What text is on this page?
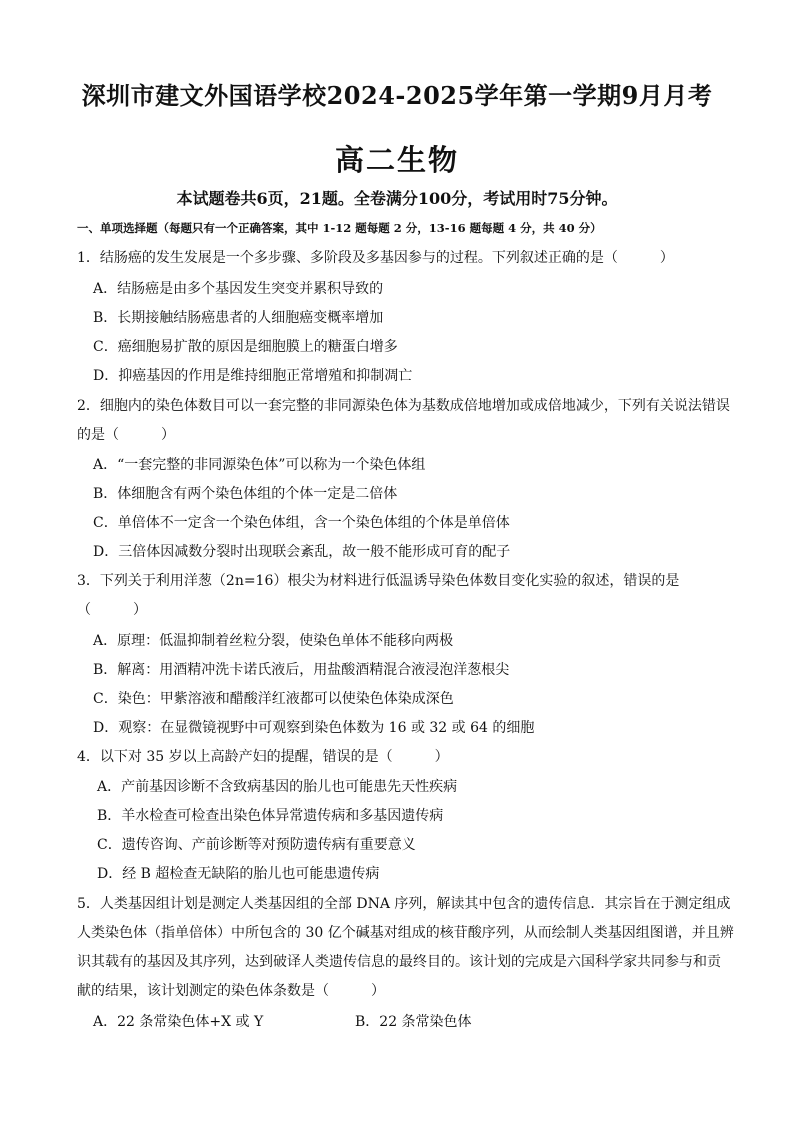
深圳市建文外国语学校2024-2025学年第一学期9月月考
高二生物
本试题卷共6页，21题。全卷满分100分，考试用时75分钟。
一、单项选择题（每题只有一个正确答案，其中 1-12 题每题 2 分，13-16 题每题 4 分，共 40 分）
1．结肠癌的发生发展是一个多步骤、多阶段及多基因参与的过程。下列叙述正确的是（　　　）
A．结肠癌是由多个基因发生突变并累积导致的
B．长期接触结肠癌患者的人细胞癌变概率增加
C．癌细胞易扩散的原因是细胞膜上的糖蛋白增多
D．抑癌基因的作用是维持细胞正常增殖和抑制凋亡
2．细胞内的染色体数目可以一套完整的非同源染色体为基数成倍地增加或成倍地减少，下列有关说法错误
的是（　　　）
A．“一套完整的非同源染色体”可以称为一个染色体组
B．体细胞含有两个染色体组的个体一定是二倍体
C．单倍体不一定含一个染色体组，含一个染色体组的个体是单倍体
D．三倍体因减数分裂时出现联会紊乱，故一般不能形成可育的配子
3．下列关于利用洋葱（2n=16）根尖为材料进行低温诱导染色体数目变化实验的叙述，错误的是
（　　　）
A．原理：低温抑制着丝粒分裂，使染色单体不能移向两极
B．解离：用酒精冲洗卡诺氏液后，用盐酸酒精混合液浸泡洋葱根尖
C．染色：甲紫溶液和醋酸洋红液都可以使染色体染成深色
D．观察：在显微镜视野中可观察到染色体数为 16 或 32 或 64 的细胞
4．以下对 35 岁以上高龄产妇的提醒，错误的是（　　　）
A．产前基因诊断不含致病基因的胎儿也可能患先天性疾病
B．羊水检查可检查出染色体异常遗传病和多基因遗传病
C．遗传咨询、产前诊断等对预防遗传病有重要意义
D．经 B 超检查无缺陷的胎儿也可能患遗传病
5．人类基因组计划是测定人类基因组的全部 DNA 序列，解读其中包含的遗传信息．其宗旨在于测定组成
人类染色体（指单倍体）中所包含的 30 亿个碱基对组成的核苷酸序列，从而绘制人类基因组图谱，并且辨
识其载有的基因及其序列，达到破译人类遗传信息的最终目的。该计划的完成是六国科学家共同参与和贡
献的结果，该计划测定的染色体条数是（　　　）
A．22 条常染色体+X 或 Y	B．22 条常染色体
